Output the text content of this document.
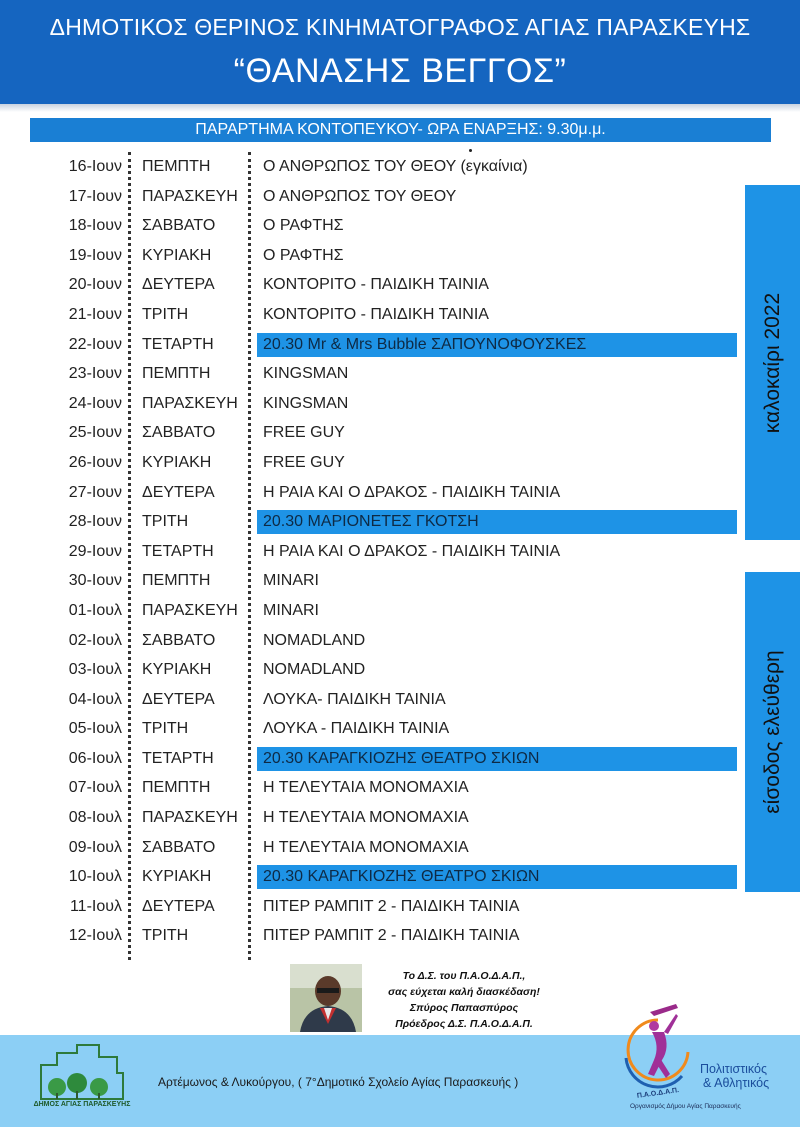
ΔΗΜΟΤΙΚΟΣ ΘΕΡΙΝΟΣ ΚΙΝΗΜΑΤΟΓΡΑΦΟΣ ΑΓΙΑΣ ΠΑΡΑΣΚΕΥΗΣ
“ΘΑΝΑΣΗΣ ΒΕΓΓΟΣ”
ΠΑΡΑΡΤΗΜΑ ΚΟΝΤΟΠΕΥΚΟΥ- ΩΡΑ ΕΝΑΡΞΗΣ: 9.30μ.μ.
16-Ιουν ΠΕΜΠΤΗ	Ο ΑΝΘΡΩΠΟΣ ΤΟΥ ΘΕΟΥ (εγκαίνια)
17-Ιουν ΠΑΡΑΣΚΕΥΗ	Ο ΑΝΘΡΩΠΟΣ ΤΟΥ ΘΕΟΥ
18-Ιουν ΣΑΒΒΑΤΟ	Ο ΡΑΦΤΗΣ
19-Ιουν ΚΥΡΙΑΚΗ	Ο ΡΑΦΤΗΣ
20-Ιουν ΔΕΥΤΕΡΑ	ΚΟΝΤΟΡΙΤΟ - ΠΑΙΔΙΚΗ ΤΑΙΝΙΑ
21-Ιουν ΤΡΙΤΗ	ΚΟΝΤΟΡΙΤΟ - ΠΑΙΔΙΚΗ ΤΑΙΝΙΑ
22-Ιουν ΤΕΤΑΡΤΗ	20.30 Mr & Mrs Bubble ΣΑΠΟΥΝΟΦΟΥΣΚΕΣ
23-Ιουν ΠΕΜΠΤΗ	KINGSMAN
24-Ιουν ΠΑΡΑΣΚΕΥΗ	KINGSMAN
25-Ιουν ΣΑΒΒΑΤΟ	FREE GUY
26-Ιουν ΚΥΡΙΑΚΗ	FREE GUY
27-Ιουν ΔΕΥΤΕΡΑ	Η ΡΑΙΑ ΚΑΙ Ο ΔΡΑΚΟΣ - ΠΑΙΔΙΚΗ ΤΑΙΝΙΑ
28-Ιουν ΤΡΙΤΗ	20.30 ΜΑΡΙΟΝΕΤΕΣ ΓΚΟΤΣΗ
29-Ιουν ΤΕΤΑΡΤΗ	Η ΡΑΙΑ ΚΑΙ Ο ΔΡΑΚΟΣ - ΠΑΙΔΙΚΗ ΤΑΙΝΙΑ
30-Ιουν ΠΕΜΠΤΗ	MINARI
01-Ιουλ ΠΑΡΑΣΚΕΥΗ	MINARI
02-Ιουλ ΣΑΒΒΑΤΟ	NOMADLAND
03-Ιουλ ΚΥΡΙΑΚΗ	NOMADLAND
04-Ιουλ ΔΕΥΤΕΡΑ	ΛΟΥΚΑ- ΠΑΙΔΙΚΗ ΤΑΙΝΙΑ
05-Ιουλ ΤΡΙΤΗ	ΛΟΥΚΑ - ΠΑΙΔΙΚΗ ΤΑΙΝΙΑ
06-Ιουλ ΤΕΤΑΡΤΗ	20.30 ΚΑΡΑΓΚΙΟΖΗΣ ΘΕΑΤΡΟ ΣΚΙΩΝ
07-Ιουλ ΠΕΜΠΤΗ	Η ΤΕΛΕΥΤΑΙΑ ΜΟΝΟΜΑΧΙΑ
08-Ιουλ ΠΑΡΑΣΚΕΥΗ	Η ΤΕΛΕΥΤΑΙΑ ΜΟΝΟΜΑΧΙΑ
09-Ιουλ ΣΑΒΒΑΤΟ	Η ΤΕΛΕΥΤΑΙΑ ΜΟΝΟΜΑΧΙΑ
10-Ιουλ ΚΥΡΙΑΚΗ	20.30 ΚΑΡΑΓΚΙΟΖΗΣ ΘΕΑΤΡΟ ΣΚΙΩΝ
11-Ιουλ ΔΕΥΤΕΡΑ	ΠΙΤΕΡ ΡΑΜΠΙΤ 2 - ΠΑΙΔΙΚΗ ΤΑΙΝΙΑ
12-Ιουλ ΤΡΙΤΗ	ΠΙΤΕΡ ΡΑΜΠΙΤ 2 - ΠΑΙΔΙΚΗ ΤΑΙΝΙΑ
καλοκαίρι 2022
είσοδος ελεύθερη
Το Δ.Σ. του Π.Α.Ο.Δ.Α.Π.,
σας εύχεται καλή διασκέδαση!
Σπύρος Παπασπύρος
Πρόεδρος Δ.Σ. Π.Α.Ο.Δ.Α.Π.
ΔΗΜΟΣ ΑΓΙΑΣ ΠΑΡΑΣΚΕΥΗΣ
Αρτέμωνος & Λυκούργου, ( 7°Δημοτικό Σχολείο Αγίας Παρασκευής )
Π.Α.Ο.Δ.Α.Π.
Πολιτιστικός
& Αθλητικός
Οργανισμός Δήμου Αγίας Παρασκευής
